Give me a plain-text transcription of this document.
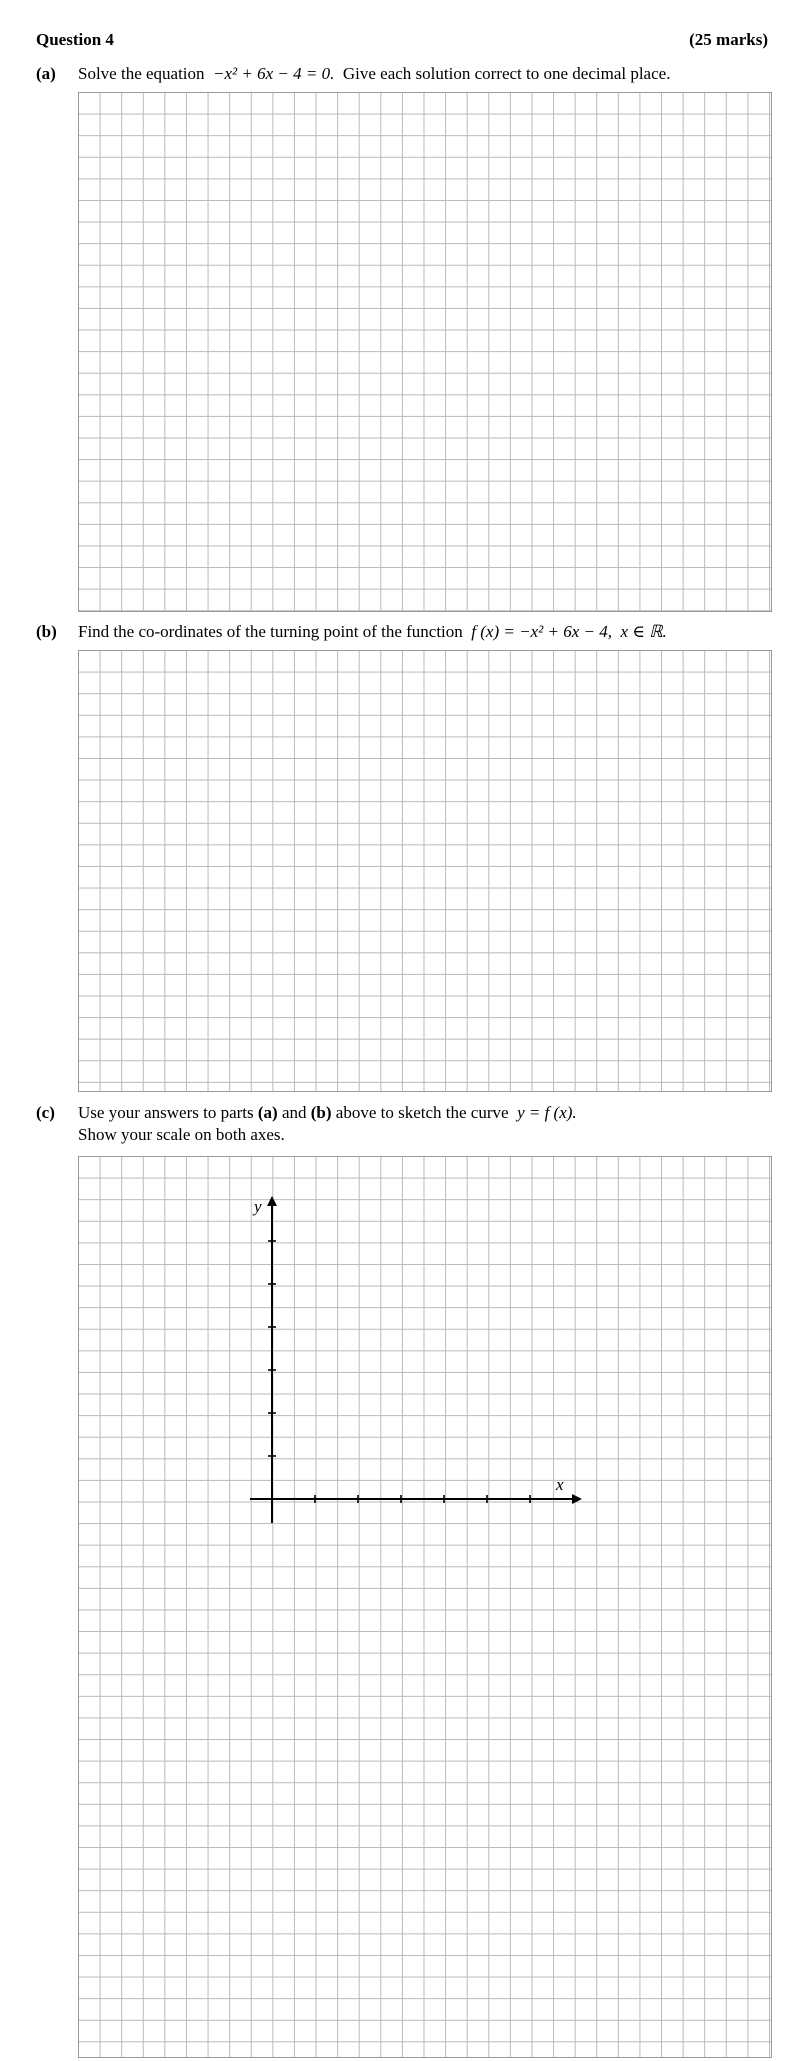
Question 4	(25 marks)
(a) Solve the equation −x² + 6x − 4 = 0. Give each solution correct to one decimal place.
(b) Find the co-ordinates of the turning point of the function f (x) = −x² + 6x − 4, x ∈ ℝ.
(c) Use your answers to parts (a) and (b) above to sketch the curve y = f (x).
Show your scale on both axes.
y
x
